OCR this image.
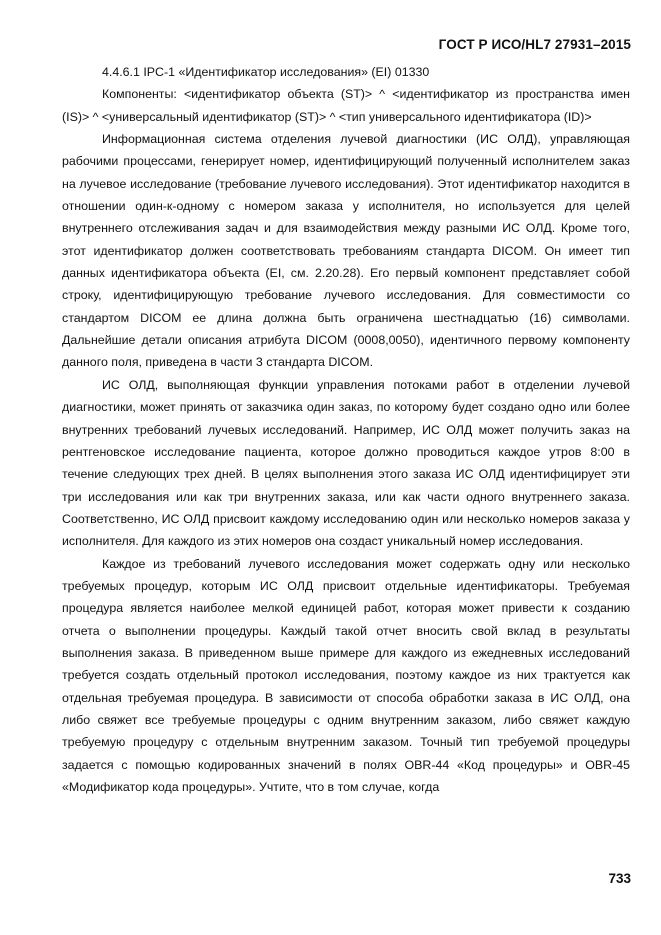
ГОСТ Р ИСО/HL7 27931–2015

4.4.6.1 IPC-1 «Идентификатор исследования» (EI) 01330

Компоненты: <идентификатор объекта (ST)> ^ <идентификатор из пространства имен (IS)> ^ <универсальный идентификатор (ST)> ^ <тип универсального идентификатора (ID)>

Информационная система отделения лучевой диагностики (ИС ОЛД), управляющая рабочими процессами, генерирует номер, идентифицирующий полученный исполнителем заказ на лучевое исследование (требование лучевого исследования). Этот идентификатор находится в отношении один-к-одному с номером заказа у исполнителя, но используется для целей внутреннего отслеживания задач и для взаимодействия между разными ИС ОЛД. Кроме того, этот идентификатор должен соответствовать требованиям стандарта DICOM. Он имеет тип данных идентификатора объекта (EI, см. 2.20.28). Его первый компонент представляет собой строку, идентифицирующую требование лучевого исследования. Для совместимости со стандартом DICOM ее длина должна быть ограничена шестнадцатью (16) символами. Дальнейшие детали описания атрибута DICOM (0008,0050), идентичного первому компоненту данного поля, приведена в части 3 стандарта DICOM.

ИС ОЛД, выполняющая функции управления потоками работ в отделении лучевой диагностики, может принять от заказчика один заказ, по которому будет создано одно или более внутренних требований лучевых исследований. Например, ИС ОЛД может получить заказ на рентгеновское исследование пациента, которое должно проводиться каждое утров 8:00 в течение следующих трех дней. В целях выполнения этого заказа ИС ОЛД идентифицирует эти три исследования или как три внутренних заказа, или как части одного внутреннего заказа. Соответственно, ИС ОЛД присвоит каждому исследованию один или несколько номеров заказа у исполнителя. Для каждого из этих номеров она создаст уникальный номер исследования.

Каждое из требований лучевого исследования может содержать одну или несколько требуемых процедур, которым ИС ОЛД присвоит отдельные идентификаторы. Требуемая процедура является наиболее мелкой единицей работ, которая может привести к созданию отчета о выполнении процедуры. Каждый такой отчет вносить свой вклад в результаты выполнения заказа. В приведенном выше примере для каждого из ежедневных исследований требуется создать отдельный протокол исследования, поэтому каждое из них трактуется как отдельная требуемая процедура. В зависимости от способа обработки заказа в ИС ОЛД, она либо свяжет все требуемые процедуры с одним внутренним заказом, либо свяжет каждую требуемую процедуру с отдельным внутренним заказом. Точный тип требуемой процедуры задается с помощью кодированных значений в полях OBR-44 «Код процедуры» и OBR-45 «Модификатор кода процедуры». Учтите, что в том случае, когда

733
